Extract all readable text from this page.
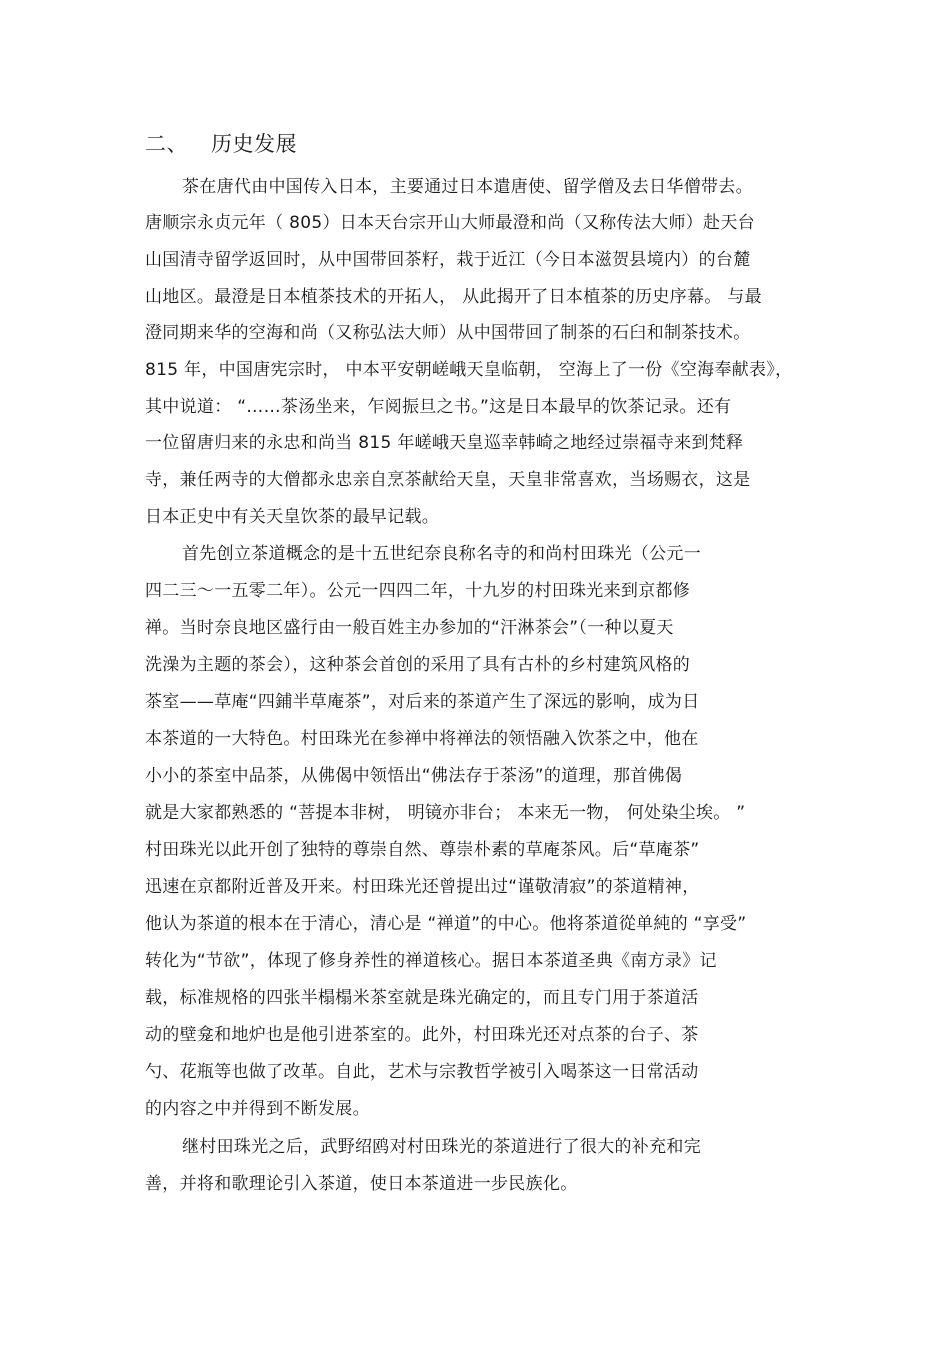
二、 历史发展
茶在唐代由中国传入日本，主要通过日本遣唐使、留学僧及去日华僧带去。
唐顺宗永贞元年（ 805）日本天台宗开山大师最澄和尚（又称传法大师）赴天台
山国清寺留学返回时，从中国带回茶籽，栽于近江（今日本滋贺县境内）的台麓
山地区。最澄是日本植茶技术的开拓人， 从此揭开了日本植茶的历史序幕。 与最
澄同期来华的空海和尚（又称弘法大师）从中国带回了制茶的石臼和制茶技术。
815 年，中国唐宪宗时， 中本平安朝嵯峨天皇临朝， 空海上了一份《空海奉献表》，
其中说道： “……茶汤坐来，乍阅振旦之书。”这是日本最早的饮茶记录。还有
一位留唐归来的永忠和尚当 815 年嵯峨天皇巡幸韩崎之地经过崇福寺来到梵释
寺，兼任两寺的大僧都永忠亲自烹茶献给天皇，天皇非常喜欢，当场赐衣，这是
日本正史中有关天皇饮茶的最早记载。
首先创立茶道概念的是十五世纪奈良称名寺的和尚村田珠光（公元一
四二三～一五零二年）。公元一四四二年，十九岁的村田珠光来到京都修
禅。当时奈良地区盛行由一般百姓主办参加的“汗淋茶会”（一种以夏天
洗澡为主题的茶会），这种茶会首创的采用了具有古朴的乡村建筑风格的
茶室——草庵“四鋪半草庵茶”，对后来的茶道产生了深远的影响，成为日
本茶道的一大特色。村田珠光在参禅中将禅法的领悟融入饮茶之中，他在
小小的茶室中品茶，从佛偈中领悟出“佛法存于茶汤”的道理，那首佛偈
就是大家都熟悉的 “菩提本非树， 明镜亦非台； 本来无一物， 何处染尘埃。 ”
村田珠光以此开创了独特的尊崇自然、尊崇朴素的草庵茶风。后“草庵茶”
迅速在京都附近普及开来。村田珠光还曾提出过“谨敬清寂”的茶道精神，
他认为茶道的根本在于清心，清心是 “禅道”的中心。他将茶道從单純的 “享受”
转化为“节欲”，体现了修身养性的禅道核心。据日本茶道圣典《南方录》记
载，标准规格的四张半榻榻米茶室就是珠光确定的，而且专门用于茶道活
动的壁龛和地炉也是他引进茶室的。此外，村田珠光还对点茶的台子、茶
勺、花瓶等也做了改革。自此，艺术与宗教哲学被引入喝茶这一日常活动
的内容之中并得到不断发展。
继村田珠光之后，武野绍鸥对村田珠光的茶道进行了很大的补充和完
善，并将和歌理论引入茶道，使日本茶道进一步民族化。
